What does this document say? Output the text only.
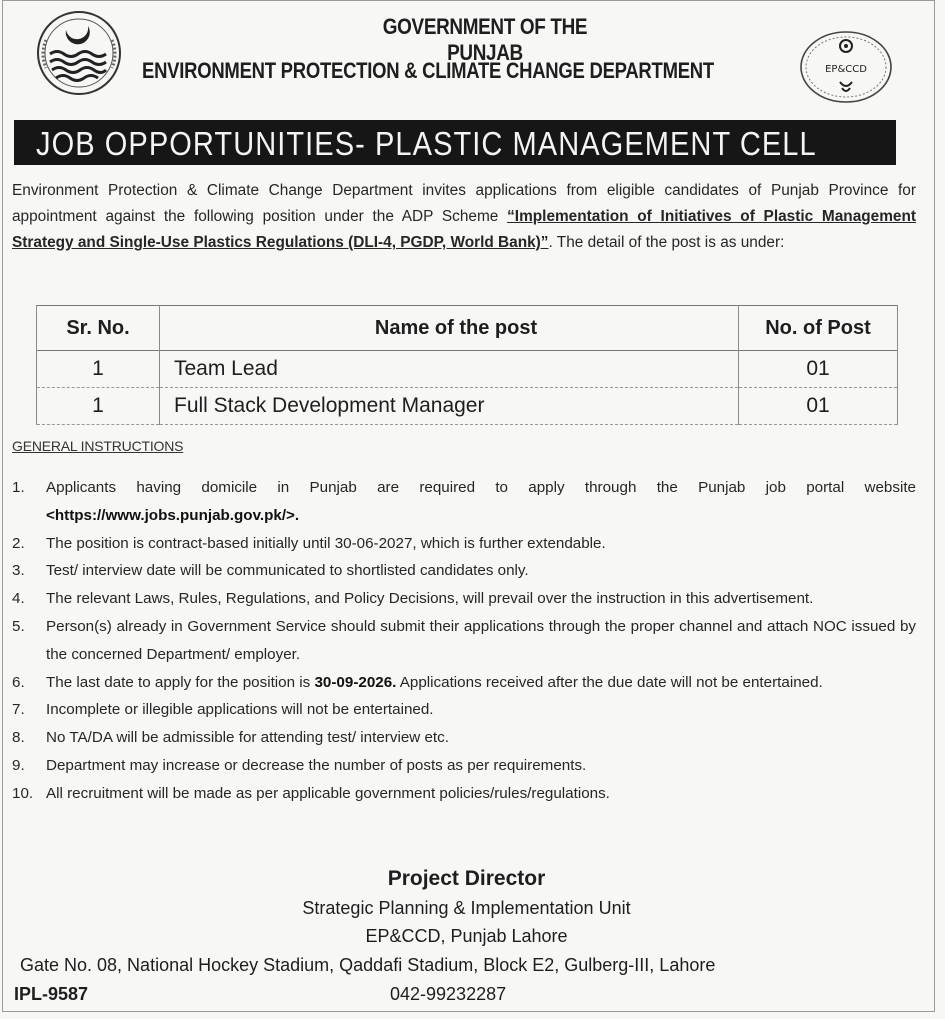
GOVERNMENT OF THE PUNJAB
ENVIRONMENT PROTECTION & CLIMATE CHANGE DEPARTMENT	EP&CCD
JOB OPPORTUNITIES- PLASTIC MANAGEMENT CELL
Environment Protection & Climate Change Department invites applications from eligible candidates of Punjab Province for appointment against the following position under the ADP Scheme “Implementation of Initiatives of Plastic Management Strategy and Single-Use Plastics Regulations (DLI-4, PGDP, World Bank)”. The detail of the post is as under:
Sr. No.	Name of the post	No. of Post
1	Team Lead	01
1	Full Stack Development Manager	01
GENERAL INSTRUCTIONS
1.	Applicants having domicile in Punjab are required to apply through the Punjab job portal website <https://www.jobs.punjab.gov.pk/>.
2.	The position is contract-based initially until 30-06-2027, which is further extendable.
3.	Test/ interview date will be communicated to shortlisted candidates only.
4.	The relevant Laws, Rules, Regulations, and Policy Decisions, will prevail over the instruction in this advertisement.
5.	Person(s) already in Government Service should submit their applications through the proper channel and attach NOC issued by the concerned Department/ employer.
6.	The last date to apply for the position is 30-09-2026. Applications received after the due date will not be entertained.
7.	Incomplete or illegible applications will not be entertained.
8.	No TA/DA will be admissible for attending test/ interview etc.
9.	Department may increase or decrease the number of posts as per requirements.
10. All recruitment will be made as per applicable government policies/rules/regulations.
Project Director
Strategic Planning & Implementation Unit
EP&CCD, Punjab Lahore
Gate No. 08, National Hockey Stadium, Qaddafi Stadium, Block E2, Gulberg-III, Lahore
IPL-9587	042-99232287
